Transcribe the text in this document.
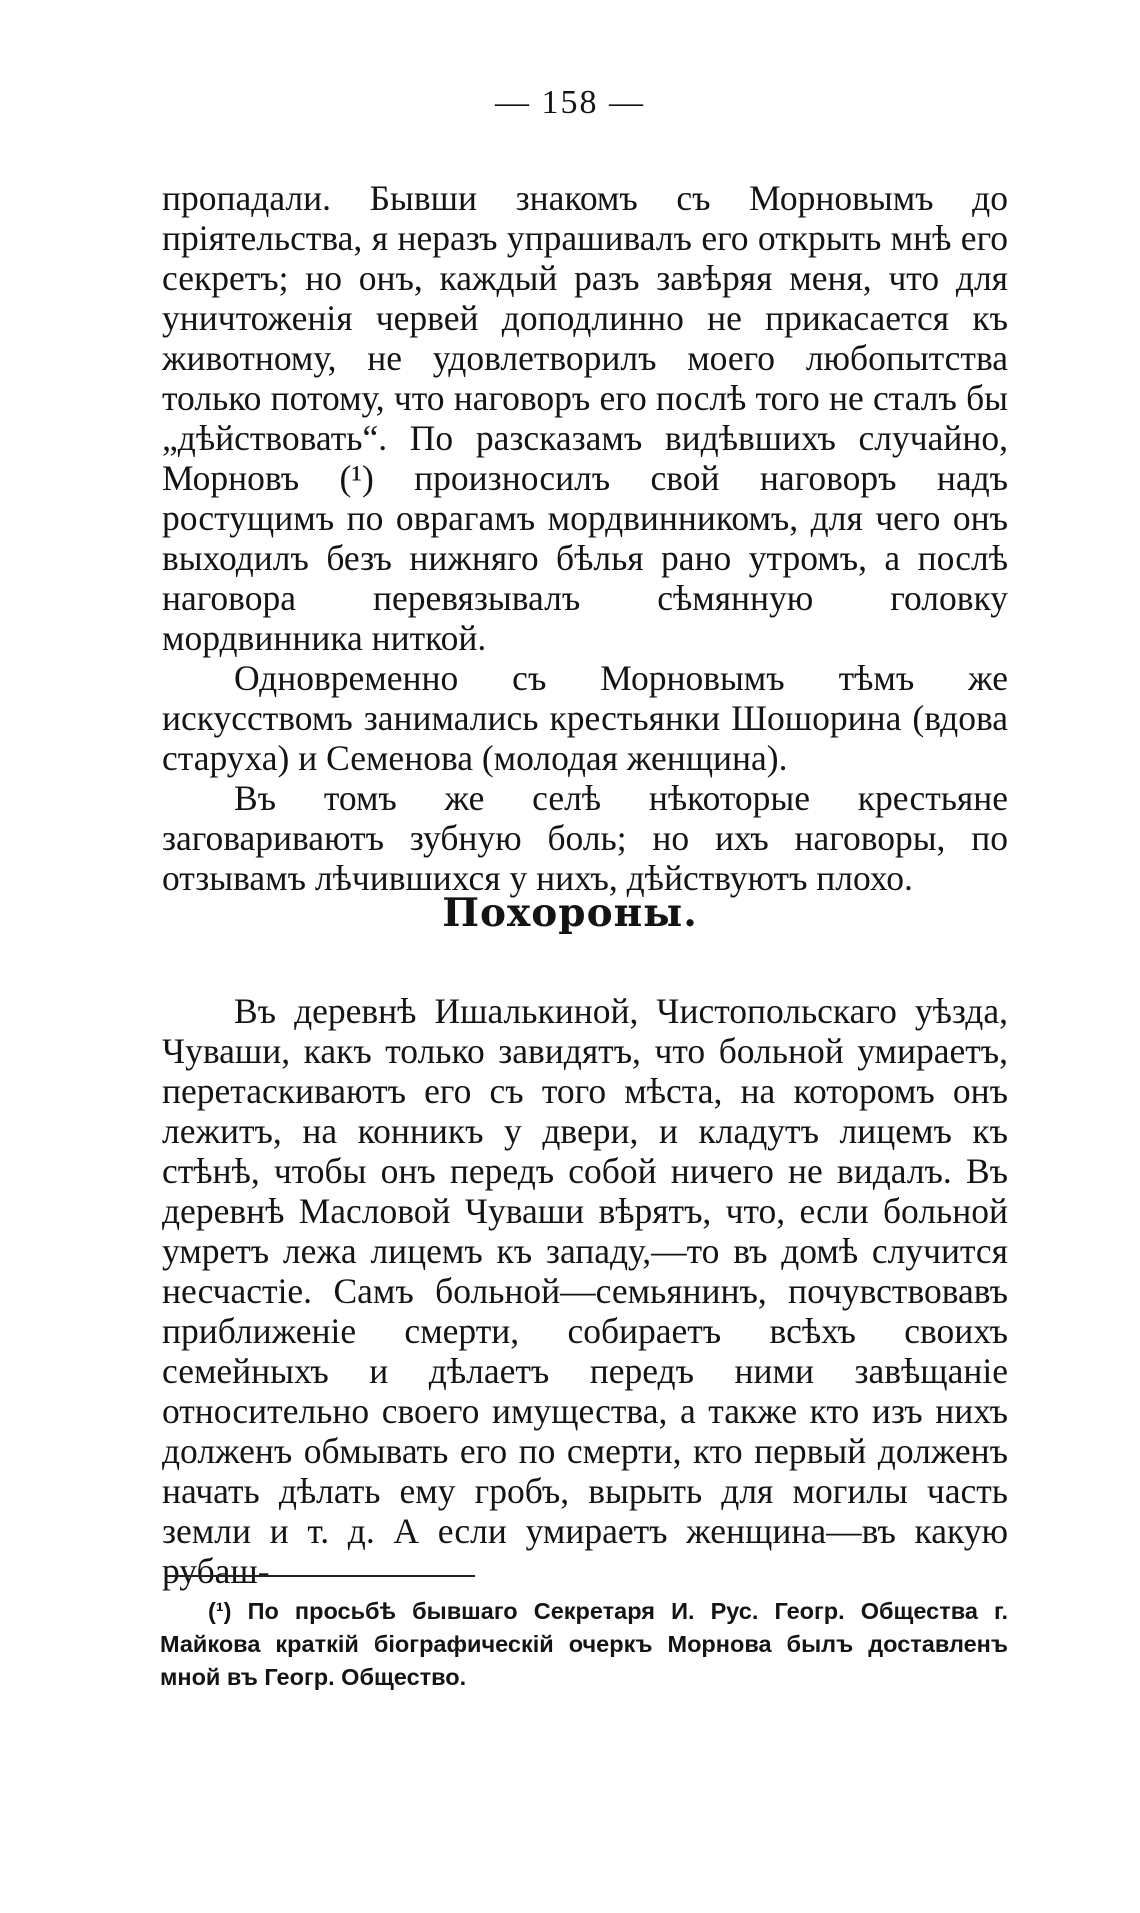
— 158 —

пропадали. Бывши знакомъ съ Морновымъ до прiятельства, я неразъ упрашивалъ его открыть мнѣ его секретъ; но онъ, каждый разъ завѣряя меня, что для уничтоженiя червей доподлинно не прикасается къ животному, не удовлетворилъ моего любопытства только потому, что наговоръ его послѣ того не сталъ бы „дѣйствовать“. По разсказамъ видѣвшихъ случайно, Морновъ (¹) произносилъ свой наговоръ надъ ростущимъ по оврагамъ мордвинникомъ, для чего онъ выходилъ безъ нижняго бѣлья рано утромъ, а послѣ наговора перевязывалъ сѣмянную головку мордвинника ниткой.

Одновременно съ Морновымъ тѣмъ же искусствомъ занимались крестьянки Шошорина (вдова старуха) и Семенова (молодая женщина).

Въ томъ же селѣ нѣкоторые крестьяне заговариваютъ зубную боль; но ихъ наговоры, по отзывамъ лѣчившихся у нихъ, дѣйствуютъ плохо.

Похороны.

Въ деревнѣ Ишалькиной, Чистопольскаго уѣзда, Чуваши, какъ только завидятъ, что больной умираетъ, перетаскиваютъ его съ того мѣста, на которомъ онъ лежитъ, на конникъ у двери, и кладутъ лицемъ къ стѣнѣ, чтобы онъ передъ собой ничего не видалъ. Въ деревнѣ Масловой Чуваши вѣрятъ, что, если больной умретъ лежа лицемъ къ западу,—то въ домѣ случится несчастiе. Самъ больной—семьянинъ, почувствовавъ приближенiе смерти, собираетъ всѣхъ своихъ семейныхъ и дѣлаетъ передъ ними завѣщанiе относительно своего имущества, а также кто изъ нихъ долженъ обмывать его по смерти, кто первый долженъ начать дѣлать ему гробъ, вырыть для могилы часть земли и т. д. А если умираетъ женщина—въ какую рубаш-

(¹) По просьбѣ бывшаго Секретаря И. Рус. Геогр. Общества г. Майкова краткiй бiографическiй очеркъ Морнова былъ доставленъ мной въ Геогр. Общество.
